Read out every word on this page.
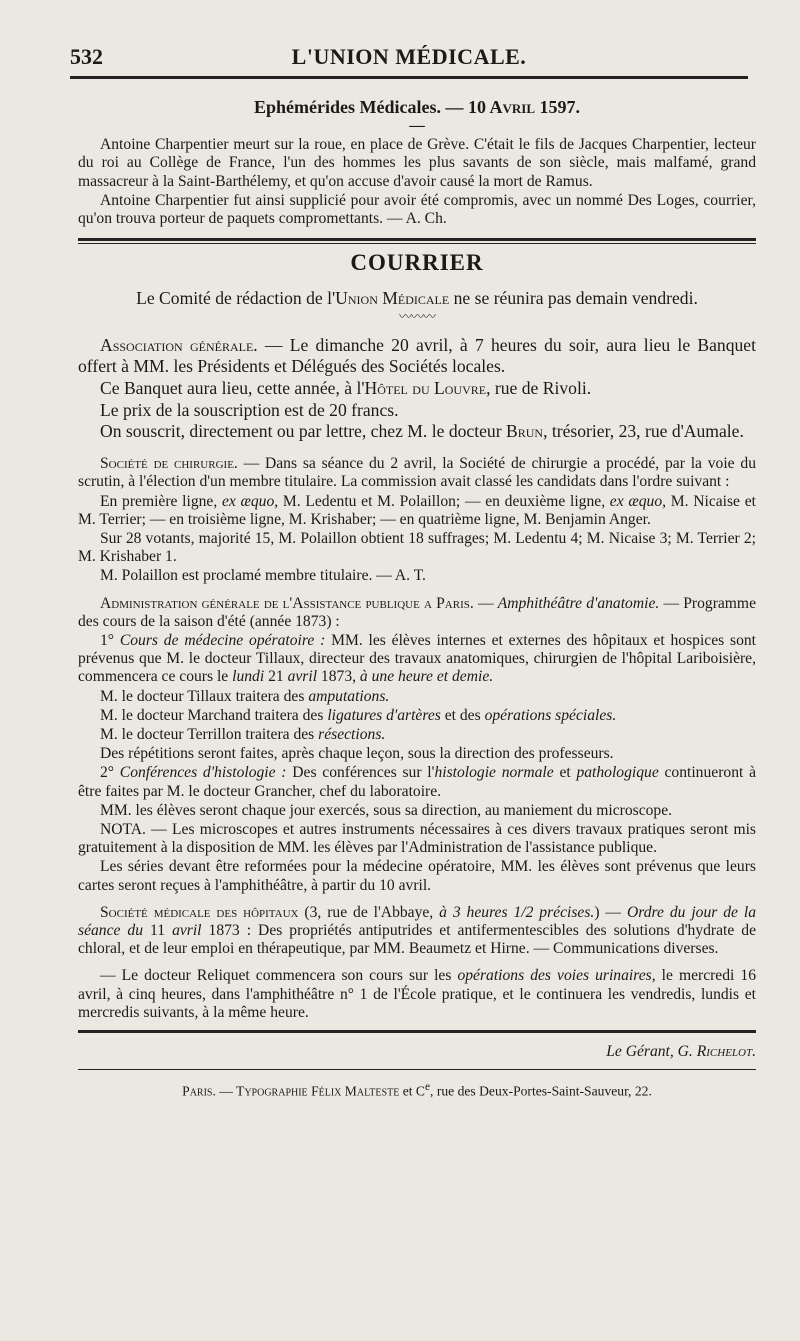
532	L'UNION MÉDICALE.
Ephémérides Médicales. — 10 Avril 1597.
—

Antoine Charpentier meurt sur la roue, en place de Grève. C'était le fils de Jacques Charpentier, lecteur du roi au Collège de France, l'un des hommes les plus savants de son siècle, mais malfamé, grand massacreur à la Saint-Barthélemy, et qu'on accuse d'avoir causé la mort de Ramus.

Antoine Charpentier fut ainsi supplicié pour avoir été compromis, avec un nommé Des Loges, courrier, qu'on trouva porteur de paquets compromettants. — A. Ch.

COURRIER

Le Comité de rédaction de l'Union Médicale ne se réunira pas demain vendredi.

〰〰〰

Association générale. — Le dimanche 20 avril, à 7 heures du soir, aura lieu le Banquet offert à MM. les Présidents et Délégués des Sociétés locales.

Ce Banquet aura lieu, cette année, à l'Hôtel du Louvre, rue de Rivoli.

Le prix de la souscription est de 20 francs.

On souscrit, directement ou par lettre, chez M. le docteur Brun, trésorier, 23, rue d'Aumale.

Société de chirurgie. — Dans sa séance du 2 avril, la Société de chirurgie a procédé, par la voie du scrutin, à l'élection d'un membre titulaire. La commission avait classé les candidats dans l'ordre suivant :

En première ligne, ex æquo, M. Ledentu et M. Polaillon; — en deuxième ligne, ex æquo, M. Nicaise et M. Terrier; — en troisième ligne, M. Krishaber; — en quatrième ligne, M. Benjamin Anger.

Sur 28 votants, majorité 15, M. Polaillon obtient 18 suffrages; M. Ledentu 4; M. Nicaise 3; M. Terrier 2; M. Krishaber 1.

M. Polaillon est proclamé membre titulaire. — A. T.

Administration générale de l'Assistance publique a Paris. — Amphithéâtre d'anatomie. — Programme des cours de la saison d'été (année 1873) :

1° Cours de médecine opératoire : MM. les élèves internes et externes des hôpitaux et hospices sont prévenus que M. le docteur Tillaux, directeur des travaux anatomiques, chirurgien de l'hôpital Lariboisière, commencera ce cours le lundi 21 avril 1873, à une heure et demie.

M. le docteur Tillaux traitera des amputations.

M. le docteur Marchand traitera des ligatures d'artères et des opérations spéciales.

M. le docteur Terrillon traitera des résections.

Des répétitions seront faites, après chaque leçon, sous la direction des professeurs.

2° Conférences d'histologie : Des conférences sur l'histologie normale et pathologique continueront à être faites par M. le docteur Grancher, chef du laboratoire.

MM. les élèves seront chaque jour exercés, sous sa direction, au maniement du microscope.

NOTA. — Les microscopes et autres instruments nécessaires à ces divers travaux pratiques seront mis gratuitement à la disposition de MM. les élèves par l'Administration de l'assistance publique.

Les séries devant être reformées pour la médecine opératoire, MM. les élèves sont prévenus que leurs cartes seront reçues à l'amphithéâtre, à partir du 10 avril.

Société médicale des hôpitaux (3, rue de l'Abbaye, à 3 heures 1/2 précises.) — Ordre du jour de la séance du 11 avril 1873 : Des propriétés antiputrides et antifermentescibles des solutions d'hydrate de chloral, et de leur emploi en thérapeutique, par MM. Beaumetz et Hirne. — Communications diverses.

— Le docteur Reliquet commencera son cours sur les opérations des voies urinaires, le mercredi 16 avril, à cinq heures, dans l'amphithéâtre n° 1 de l'École pratique, et le continuera les vendredis, lundis et mercredis suivants, à la même heure.

Le Gérant, G. Richelot.
Paris. — Typographie Félix Malteste et Ce, rue des Deux-Portes-Saint-Sauveur, 22.
